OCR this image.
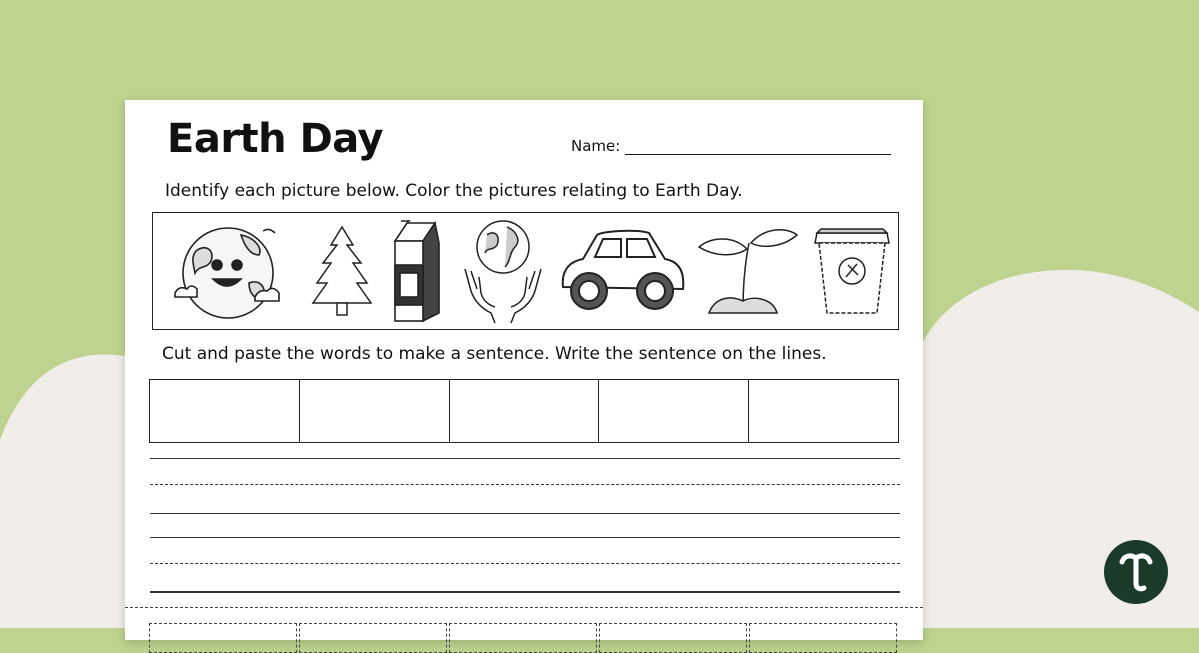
Earth Day	Name:
Identify each picture below. Color the pictures relating to Earth Day.
Cut and paste the words to make a sentence. Write the sentence on the lines.
